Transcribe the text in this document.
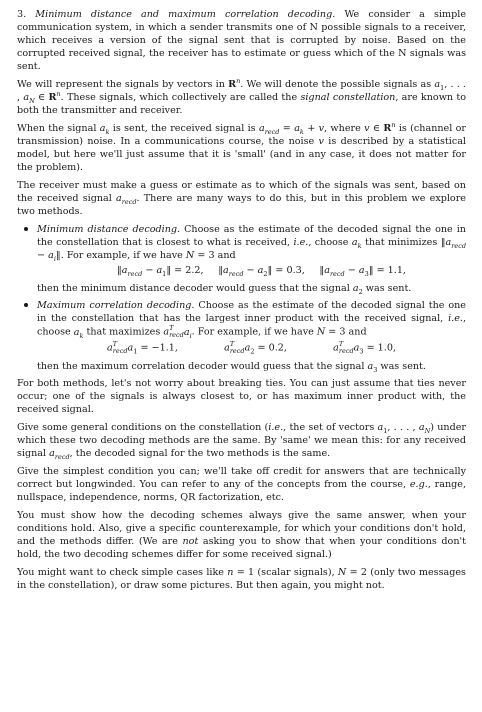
3. Minimum distance and maximum correlation decoding. We consider a simple communication system, in which a sender transmits one of N possible signals to a receiver, which receives a version of the signal sent that is corrupted by noise. Based on the corrupted received signal, the receiver has to estimate or guess which of the N signals was sent.

We will represent the signals by vectors in $R^n$. We will denote the possible signals as $a_1$, . . . , $a_N$ ∈ $R^n$. These signals, which collectively are called the signal constellation, are known to both the transmitter and receiver.

When the signal $a_k$ is sent, the received signal is $a_{recd} = a_k + v$, where v ∈ $R^n$ is (channel or transmission) noise. In a communications course, the noise v is described by a statistical model, but here we'll just assume that it is 'small' (and in any case, it does not matter for the problem).

The receiver must make a guess or estimate as to which of the signals was sent, based on the received signal $a_{recd}$. There are many ways to do this, but in this problem we explore two methods.

Minimum distance decoding. Choose as the estimate of the decoded signal the one in the constellation that is closest to what is received, i.e., choose $a_k$ that minimizes $‖a_{recd}$ − $a_i‖$. For example, if we have N = 3 and
$‖a_{recd}$ − $a_1‖ = 2.2$, $‖a_{recd}$ − $a_2‖ = 0.3$, $‖a_{recd}$ − $a_3‖ = 1.1$,
then the minimum distance decoder would guess that the signal $a_2$ was sent.
Maximum correlation decoding. Choose as the estimate of the decoded signal the one in the constellation that has the largest inner product with the received signal, i.e., choose $a_k$ that maximizes a T
recd $a_i$. For example, if we have N = 3 and
a T
recd $a_1 = -1.1$,	a T
recd $a_2 = 0.2$,	a T
recd $a_3 = 1.0$,
then the maximum correlation decoder would guess that the signal $a_3$ was sent.

For both methods, let's not worry about breaking ties. You can just assume that ties never occur; one of the signals is always closest to, or has maximum inner product with, the received signal.

Give some general conditions on the constellation (i.e., the set of vectors $a_1$, . . . , $a_N$) under which these two decoding methods are the same. By 'same' we mean this: for any received signal $a_{recd}$, the decoded signal for the two methods is the same.

Give the simplest condition you can; we'll take off credit for answers that are technically correct but longwinded. You can refer to any of the concepts from the course, e.g., range, nullspace, independence, norms, QR factorization, etc.

You must show how the decoding schemes always give the same answer, when your conditions hold. Also, give a specific counterexample, for which your conditions don't hold, and the methods differ. (We are not asking you to show that when your conditions don't hold, the two decoding schemes differ for some received signal.)

You might want to check simple cases like n = 1 (scalar signals), N = 2 (only two messages in the constellation), or draw some pictures. But then again, you might not.
